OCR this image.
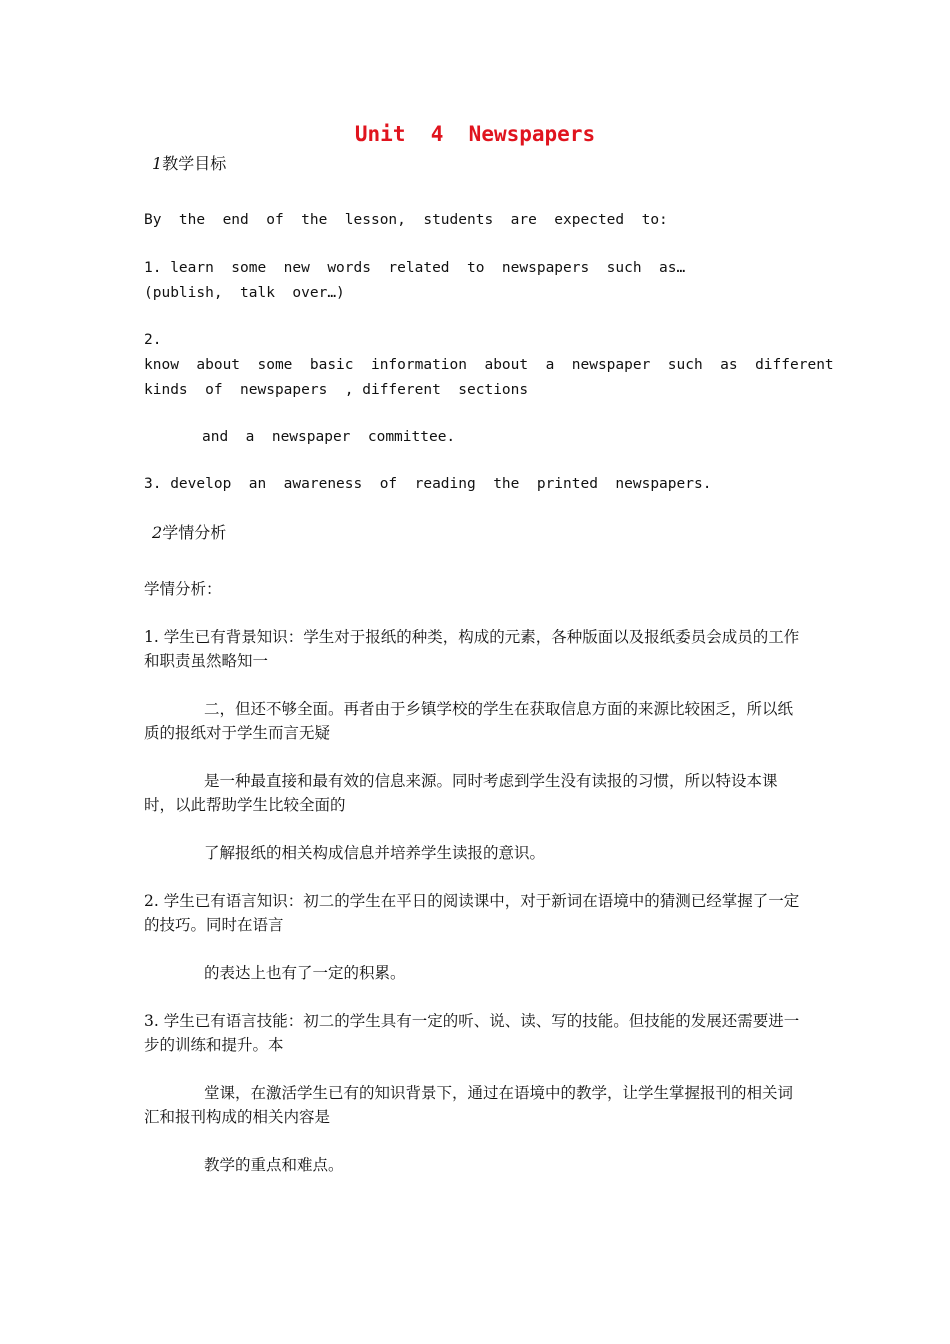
Unit  4  Newspapers
1教学目标

By  the  end  of  the  lesson,  students  are  expected  to:

1. learn  some  new  words  related  to  newspapers  such  as…

(publish,  talk  over…)

2.

know  about  some  basic  information  about  a  newspaper  such  as  different

kinds  of  newspapers  , different  sections

and  a  newspaper  committee.

3. develop  an  awareness  of  reading  the  printed  newspapers.

2学情分析

学情分析：

1. 学生已有背景知识：学生对于报纸的种类，构成的元素，各种版面以及报纸委员会成员的工作和职责虽然略知一

二，但还不够全面。再者由于乡镇学校的学生在获取信息方面的来源比较困乏，所以纸质的报纸对于学生而言无疑

是一种最直接和最有效的信息来源。同时考虑到学生没有读报的习惯，所以特设本课时，以此帮助学生比较全面的

了解报纸的相关构成信息并培养学生读报的意识。

2. 学生已有语言知识：初二的学生在平日的阅读课中，对于新词在语境中的猜测已经掌握了一定的技巧。同时在语言

的表达上也有了一定的积累。

3. 学生已有语言技能：初二的学生具有一定的听、说、读、写的技能。但技能的发展还需要进一步的训练和提升。本

堂课，在激活学生已有的知识背景下，通过在语境中的教学，让学生掌握报刊的相关词汇和报刊构成的相关内容是

教学的重点和难点。
